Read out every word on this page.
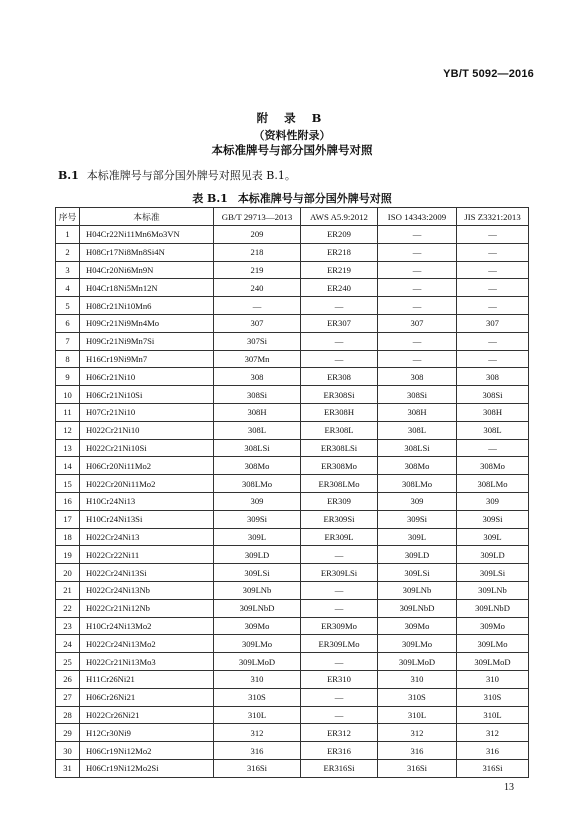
YB/T 5092—2016
附 录 B
（资料性附录）
本标准牌号与部分国外牌号对照
B.1 本标准牌号与部分国外牌号对照见表 B.1。
表 B.1 本标准牌号与部分国外牌号对照
序号	本标准	GB/T 29713—2013	AWS A5.9:2012	ISO 14343:2009	JIS Z3321:2013
1	H04Cr22Ni11Mn6Mo3VN	209	ER209	—	—
2	H08Cr17Ni8Mn8Si4N	218	ER218	—	—
3	H04Cr20Ni6Mn9N	219	ER219	—	—
4	H04Cr18Ni5Mn12N	240	ER240	—	—
5	H08Cr21Ni10Mn6	—	—	—	—
6	H09Cr21Ni9Mn4Mo	307	ER307	307	307
7	H09Cr21Ni9Mn7Si	307Si	—	—	—
8	H16Cr19Ni9Mn7	307Mn	—	—	—
9	H06Cr21Ni10	308	ER308	308	308
10	H06Cr21Ni10Si	308Si	ER308Si	308Si	308Si
11	H07Cr21Ni10	308H	ER308H	308H	308H
12	H022Cr21Ni10	308L	ER308L	308L	308L
13	H022Cr21Ni10Si	308LSi	ER308LSi	308LSi	—
14	H06Cr20Ni11Mo2	308Mo	ER308Mo	308Mo	308Mo
15	H022Cr20Ni11Mo2	308LMo	ER308LMo	308LMo	308LMo
16	H10Cr24Ni13	309	ER309	309	309
17	H10Cr24Ni13Si	309Si	ER309Si	309Si	309Si
18	H022Cr24Ni13	309L	ER309L	309L	309L
19	H022Cr22Ni11	309LD	—	309LD	309LD
20	H022Cr24Ni13Si	309LSi	ER309LSi	309LSi	309LSi
21	H022Cr24Ni13Nb	309LNb	—	309LNb	309LNb
22	H022Cr21Ni12Nb	309LNbD	—	309LNbD	309LNbD
23	H10Cr24Ni13Mo2	309Mo	ER309Mo	309Mo	309Mo
24	H022Cr24Ni13Mo2	309LMo	ER309LMo	309LMo	309LMo
25	H022Cr21Ni13Mo3	309LMoD	—	309LMoD	309LMoD
26	H11Cr26Ni21	310	ER310	310	310
27	H06Cr26Ni21	310S	—	310S	310S
28	H022Cr26Ni21	310L	—	310L	310L
29	H12Cr30Ni9	312	ER312	312	312
30	H06Cr19Ni12Mo2	316	ER316	316	316
31	H06Cr19Ni12Mo2Si	316Si	ER316Si	316Si	316Si
13
